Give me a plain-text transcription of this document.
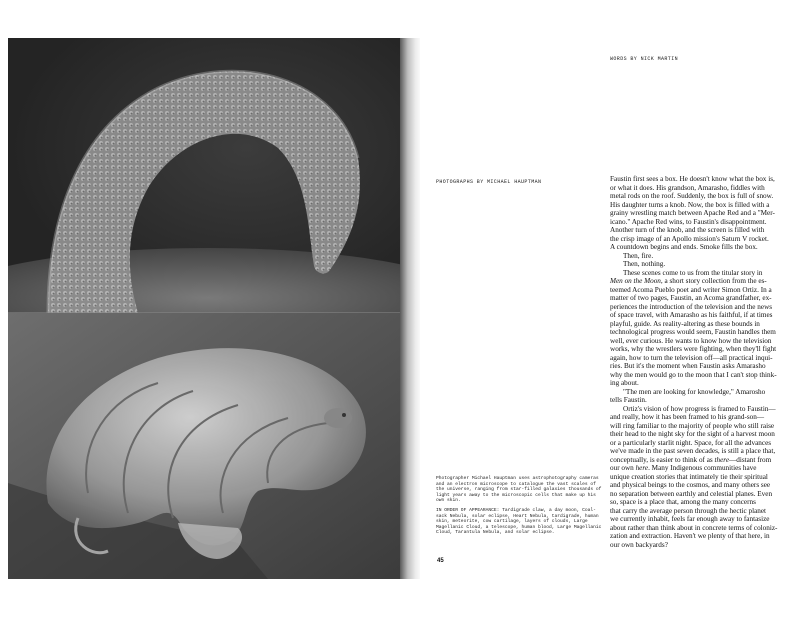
WORDS BY NICK MARTIN
PHOTOGRAPHS BY MICHAEL HAUPTMAN

Photographer Michael Hauptman uses astrophotography cameras and an electron microscope to catalogue the vast scales of the universe, ranging from star-filled galaxies thousands of light years away to the microscopic cells that make up his own skin.

IN ORDER OF APPEARANCE: Tardigrade claw, a day moon, Coal-sack Nebula, solar eclipse, Heart Nebula, tardigrade, human skin, meteorite, cow cartilage, layers of clouds, Large Magellanic Cloud, a telescope, human blood, Large Magellanic Cloud, Tarantula Nebula, and solar eclipse.

45

Faustin first sees a box. He doesn't know what the box is,
or what it does. His grandson, Amarasho, fiddles with
metal rods on the roof. Suddenly, the box is full of snow.
His daughter turns a knob. Now, the box is filled with a
grainy wrestling match between Apache Red and a "Mer-
icano." Apache Red wins, to Faustin's disappointment.
Another turn of the knob, and the screen is filled with
the crisp image of an Apollo mission's Saturn V rocket.
A countdown begins and ends. Smoke fills the box.

Then, fire.

Then, nothing.

These scenes come to us from the titular story in
Men on the Moon, a short story collection from the es-
teemed Acoma Pueblo poet and writer Simon Ortiz. In a
matter of two pages, Faustin, an Acoma grandfather, ex-
periences the introduction of the television and the news
of space travel, with Amarasho as his faithful, if at times
playful, guide. As reality-altering as these bounds in
technological progress would seem, Faustin handles them
well, ever curious. He wants to know how the television
works, why the wrestlers were fighting, when they'll fight
again, how to turn the television off—all practical inqui-
ries. But it's the moment when Faustin asks Amarasho
why the men would go to the moon that I can't stop think-
ing about.

"The men are looking for knowledge," Amarosho
tells Faustin.

Ortiz's vision of how progress is framed to Faustin—
and really, how it has been framed to his grand-son—
will ring familiar to the majority of people who still raise
their head to the night sky for the sight of a harvest moon
or a particularly starlit night. Space, for all the advances
we've made in the past seven decades, is still a place that,
conceptually, is easier to think of as there—distant from
our own here. Many Indigenous communities have
unique creation stories that intimately tie their spiritual
and physical beings to the cosmos, and many others see
no separation between earthly and celestial planes. Even
so, space is a place that, among the many concerns
that carry the average person through the hectic planet
we currently inhabit, feels far enough away to fantasize
about rather than think about in concrete terms of coloniz-
zation and extraction. Haven't we plenty of that here, in
our own backyards?
